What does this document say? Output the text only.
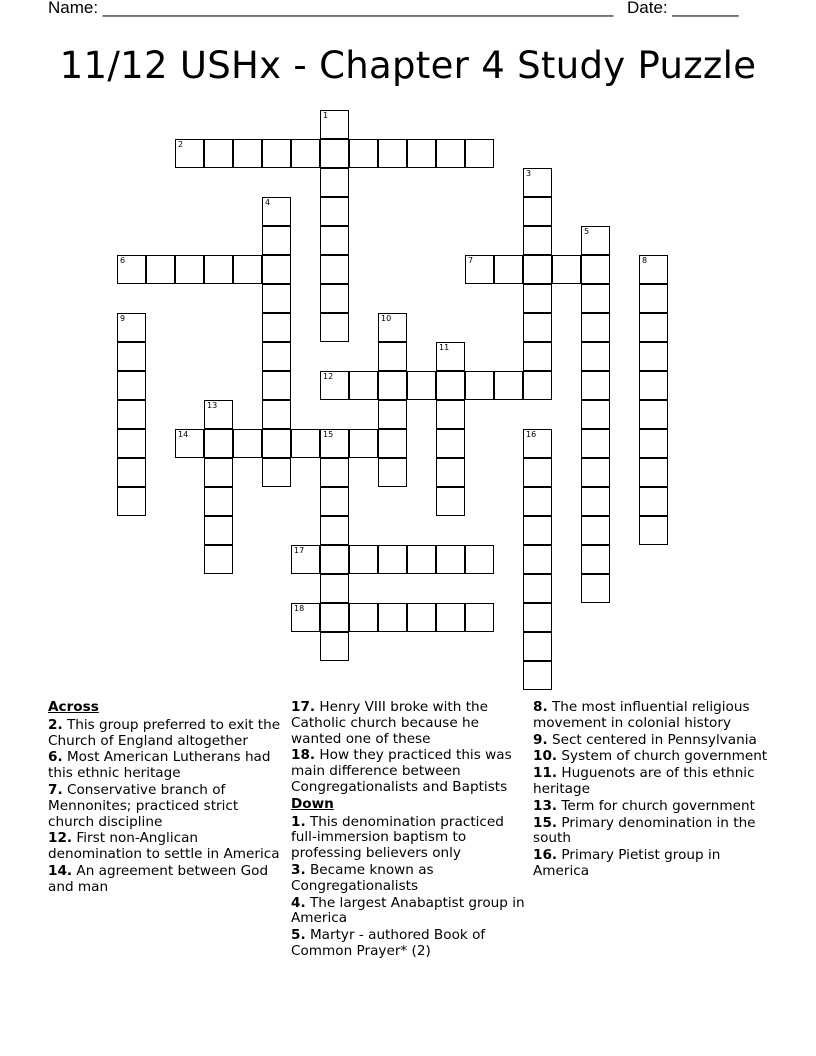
Name: ______________________________________________________ Date: _______
11/12 USHx - Chapter 4 Study Puzzle
1
2
3
4
5
6	7	8
9	10
11
12
13
14	15	16
17
18
Across
2. This group preferred to exit the Church of England altogether
6. Most American Lutherans had this ethnic heritage
7. Conservative branch of Mennonites; practiced strict church discipline
12. First non-Anglican denomination to settle in America
14. An agreement between God and man
17. Henry VIII broke with the Catholic church because he wanted one of these
18. How they practiced this was main difference between Congregationalists and Baptists
Down
1. This denomination practiced full-immersion baptism to professing believers only
3. Became known as Congregationalists
4. The largest Anabaptist group in America
5. Martyr - authored Book of Common Prayer* (2)
8. The most influential religious movement in colonial history
9. Sect centered in Pennsylvania
10. System of church government
11. Huguenots are of this ethnic heritage
13. Term for church government
15. Primary denomination in the south
16. Primary Pietist group in America
